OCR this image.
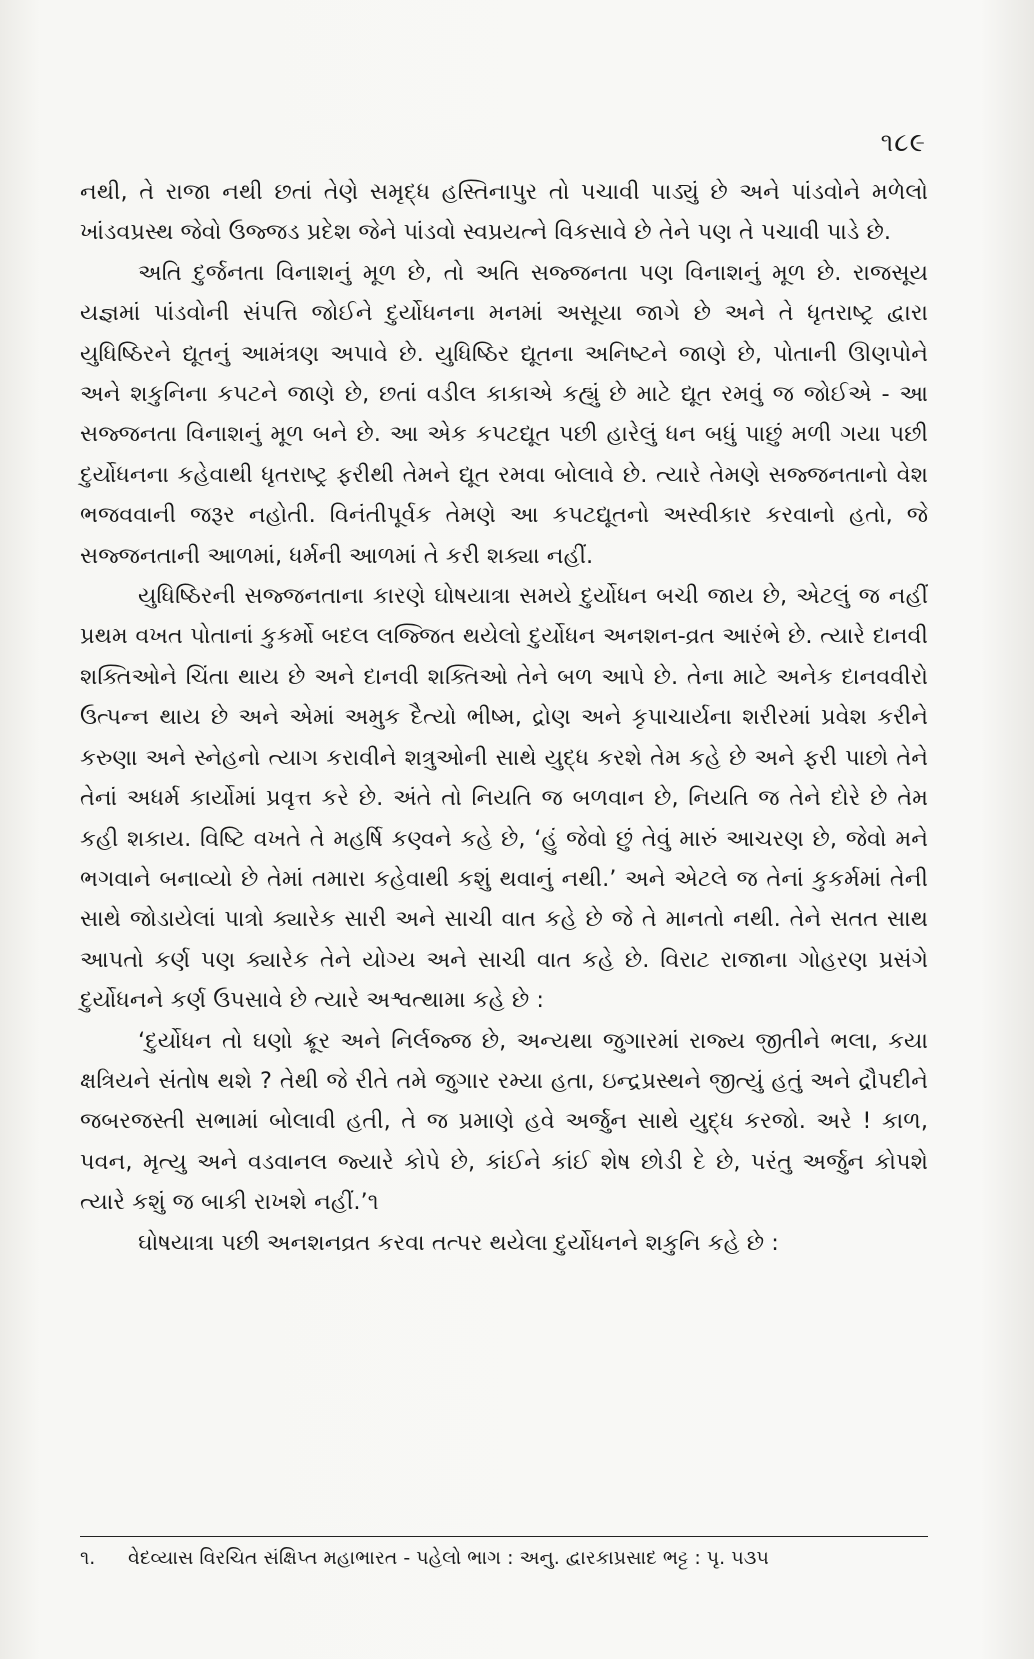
૧૮૯

નથી, તે રાજા નથી છતાં તેણે સમૃદ્ધ હસ્તિનાપુર તો પચાવી પાડ્યું છે અને પાંડવોને મળેલો ખાંડવપ્રસ્થ જેવો ઉજ્જડ પ્રદેશ જેને પાંડવો સ્વપ્રયત્ને વિકસાવે છે તેને પણ તે પચાવી પાડે છે.

અતિ દુર્જનતા વિનાશનું મૂળ છે, તો અતિ સજ્જનતા પણ વિનાશનું મૂળ છે. રાજસૂય યજ્ઞમાં પાંડવોની સંપત્તિ જોઈને દુર્યોધનના મનમાં અસૂયા જાગે છે અને તે ધૃતરાષ્ટ્ર દ્વારા યુધિષ્ઠિરને દ્યૂતનું આમંત્રણ અપાવે છે. યુધિષ્ઠિર દ્યૂતના અનિષ્ટને જાણે છે, પોતાની ઊણપોને અને શકુનિના કપટને જાણે છે, છતાં વડીલ કાકાએ કહ્યું છે માટે દ્યૂત રમવું જ જોઈએ - આ સજ્જનતા વિનાશનું મૂળ બને છે. આ એક કપટદ્યૂત પછી હારેલું ધન બધું પાછું મળી ગયા પછી દુર્યોધનના કહેવાથી ધૃતરાષ્ટ્ર ફરીથી તેમને દ્યૂત રમવા બોલાવે છે. ત્યારે તેમણે સજ્જનતાનો વેશ ભજવવાની જરૂર નહોતી. વિનંતીપૂર્વક તેમણે આ કપટદ્યૂતનો અસ્વીકાર કરવાનો હતો, જે સજ્જનતાની આળમાં, ધર્મની આળમાં તે કરી શક્યા નહીં.

યુધિષ્ઠિરની સજ્જનતાના કારણે ઘોષયાત્રા સમયે દુર્યોધન બચી જાય છે, એટલું જ નહીં પ્રથમ વખત પોતાનાં કુકર્મો બદલ લજ્જિત થયેલો દુર્યોધન અનશન-વ્રત આરંભે છે. ત્યારે દાનવી શક્તિઓને ચિંતા થાય છે અને દાનવી શક્તિઓ તેને બળ આપે છે. તેના માટે અનેક દાનવવીરો ઉત્પન્ન થાય છે અને એમાં અમુક દૈત્યો ભીષ્મ, દ્રોણ અને કૃપાચાર્યના શરીરમાં પ્રવેશ કરીને કરુણા અને સ્નેહનો ત્યાગ કરાવીને શત્રુઓની સાથે યુદ્ધ કરશે તેમ કહે છે અને ફરી પાછો તેને તેનાં અધર્મ કાર્યોમાં પ્રવૃત્ત કરે છે. અંતે તો નિયતિ જ બળવાન છે, નિયતિ જ તેને દોરે છે તેમ કહી શકાય. વિષ્ટિ વખતે તે મહર્ષિ કણ્વને કહે છે, ‘હું જેવો છું તેવું મારું આચરણ છે, જેવો મને ભગવાને બનાવ્યો છે તેમાં તમારા કહેવાથી કશું થવાનું નથી.’ અને એટલે જ તેનાં કુકર્મમાં તેની સાથે જોડાયેલાં પાત્રો ક્યારેક સારી અને સાચી વાત કહે છે જે તે માનતો નથી. તેને સતત સાથ આપતો કર્ણ પણ ક્યારેક તેને યોગ્ય અને સાચી વાત કહે છે. વિરાટ રાજાના ગોહરણ પ્રસંગે દુર્યોધનને કર્ણ ઉપસાવે છે ત્યારે અશ્વત્થામા કહે છે :

‘દુર્યોધન તો ઘણો ક્રૂર અને નિર્લજ્જ છે, અન્યથા જુગારમાં રાજ્ય જીતીને ભલા, કયા ક્ષત્રિયને સંતોષ થશે ? તેથી જે રીતે તમે જુગાર રમ્યા હતા, ઇન્દ્રપ્રસ્થને જીત્યું હતું અને દ્રૌપદીને જબરજસ્તી સભામાં બોલાવી હતી, તે જ પ્રમાણે હવે અર્જુન સાથે યુદ્ધ કરજો. અરે ! કાળ, પવન, મૃત્યુ અને વડવાનલ જ્યારે કોપે છે, કાંઈને કાંઈ શેષ છોડી દે છે, પરંતુ અર્જુન કોપશે ત્યારે કશું જ બાકી રાખશે નહીં.’૧

ઘોષયાત્રા પછી અનશનવ્રત કરવા તત્પર થયેલા દુર્યોધનને શકુનિ કહે છે :

૧. વેદવ્યાસ વિરચિત સંક્ષિપ્ત મહાભારત - પહેલો ભાગ : અનુ. દ્વારકાપ્રસાદ ભટ્ટ : પૃ. ૫૩૫
